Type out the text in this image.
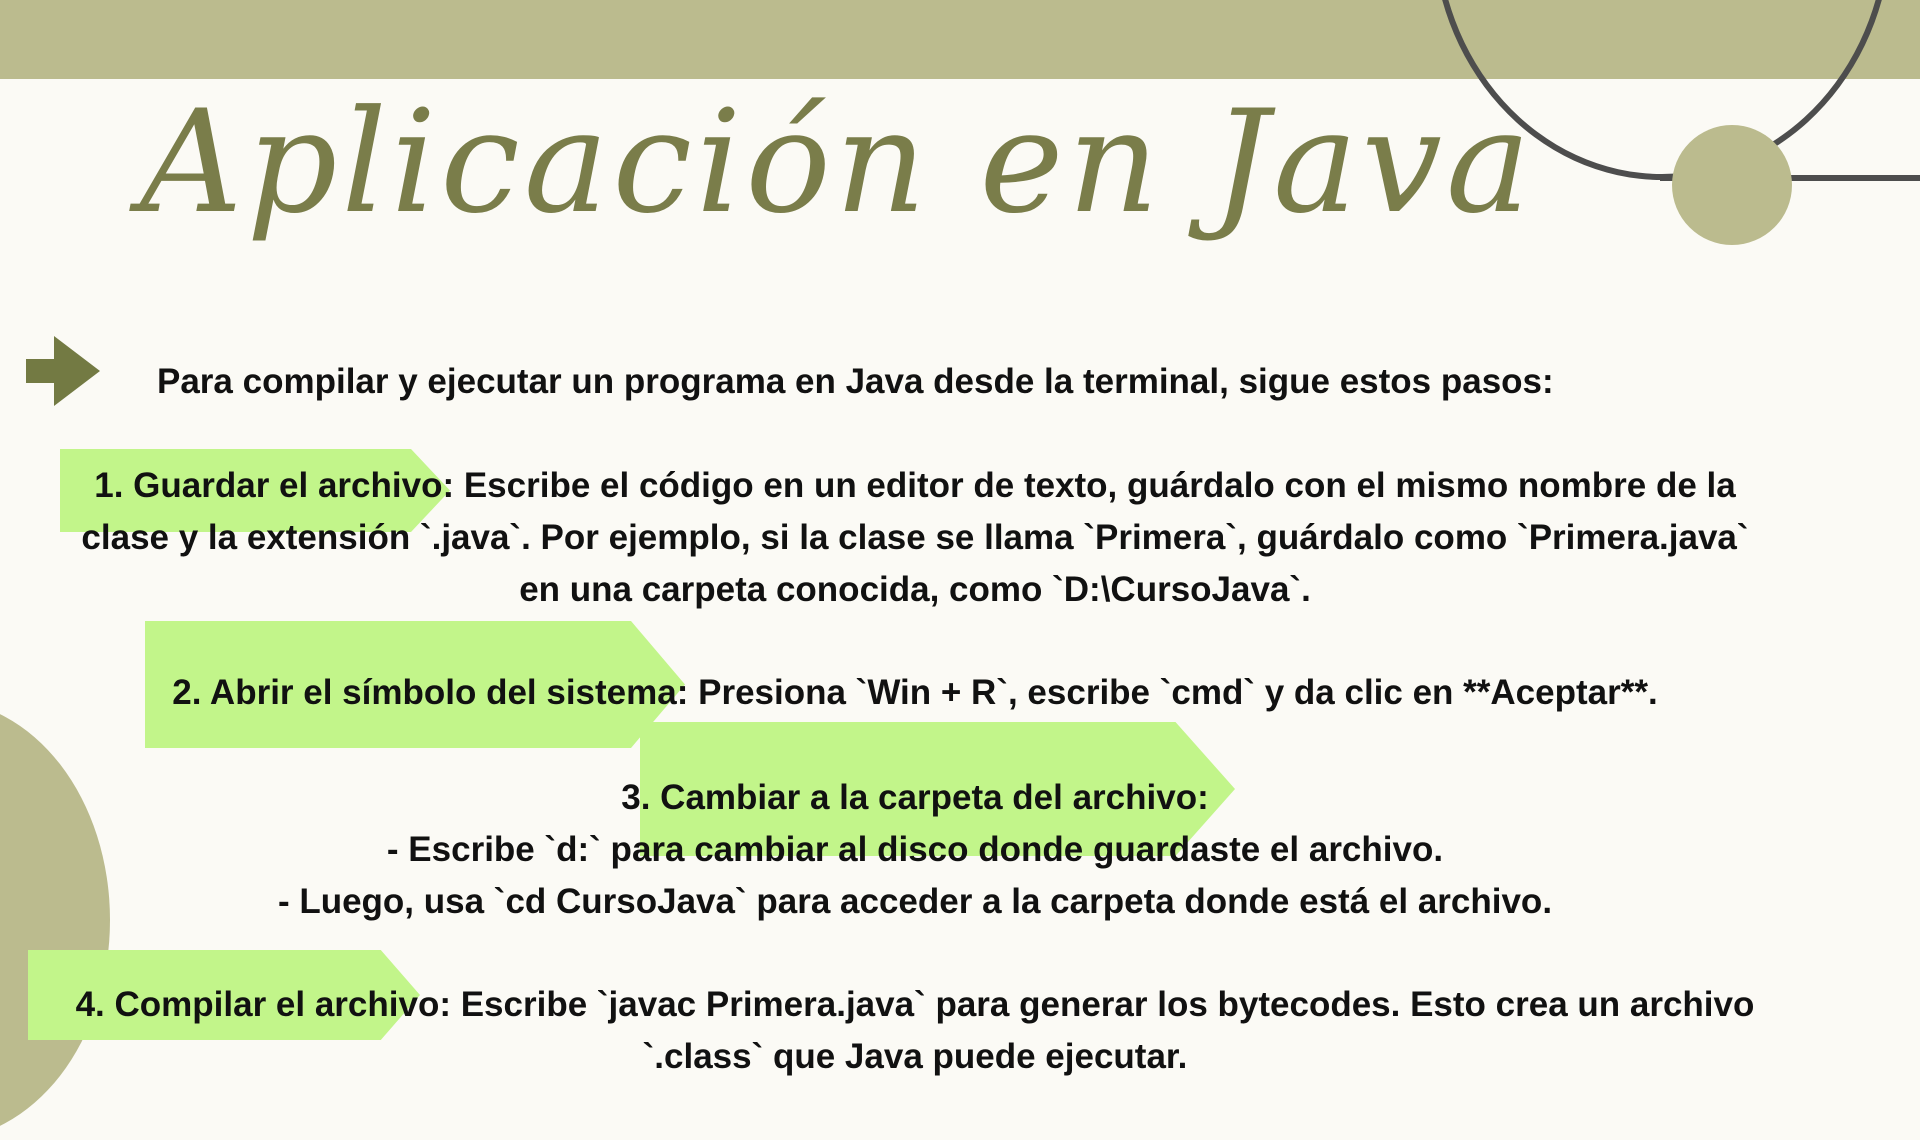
Aplicación en Java

Para compilar y ejecutar un programa en Java desde la terminal, sigue estos pasos:

1. Guardar el archivo: Escribe el código en un editor de texto, guárdalo con el mismo nombre de la
clase y la extensión `.java`. Por ejemplo, si la clase se llama `Primera`, guárdalo como `Primera.java`
en una carpeta conocida, como `D:\CursoJava`.
2. Abrir el símbolo del sistema: Presiona `Win + R`, escribe `cmd` y da clic en **Aceptar**.
3. Cambiar a la carpeta del archivo:
- Escribe `d:` para cambiar al disco donde guardaste el archivo.
- Luego, usa `cd CursoJava` para acceder a la carpeta donde está el archivo.
4. Compilar el archivo: Escribe `javac Primera.java` para generar los bytecodes. Esto crea un archivo
`.class` que Java puede ejecutar.
